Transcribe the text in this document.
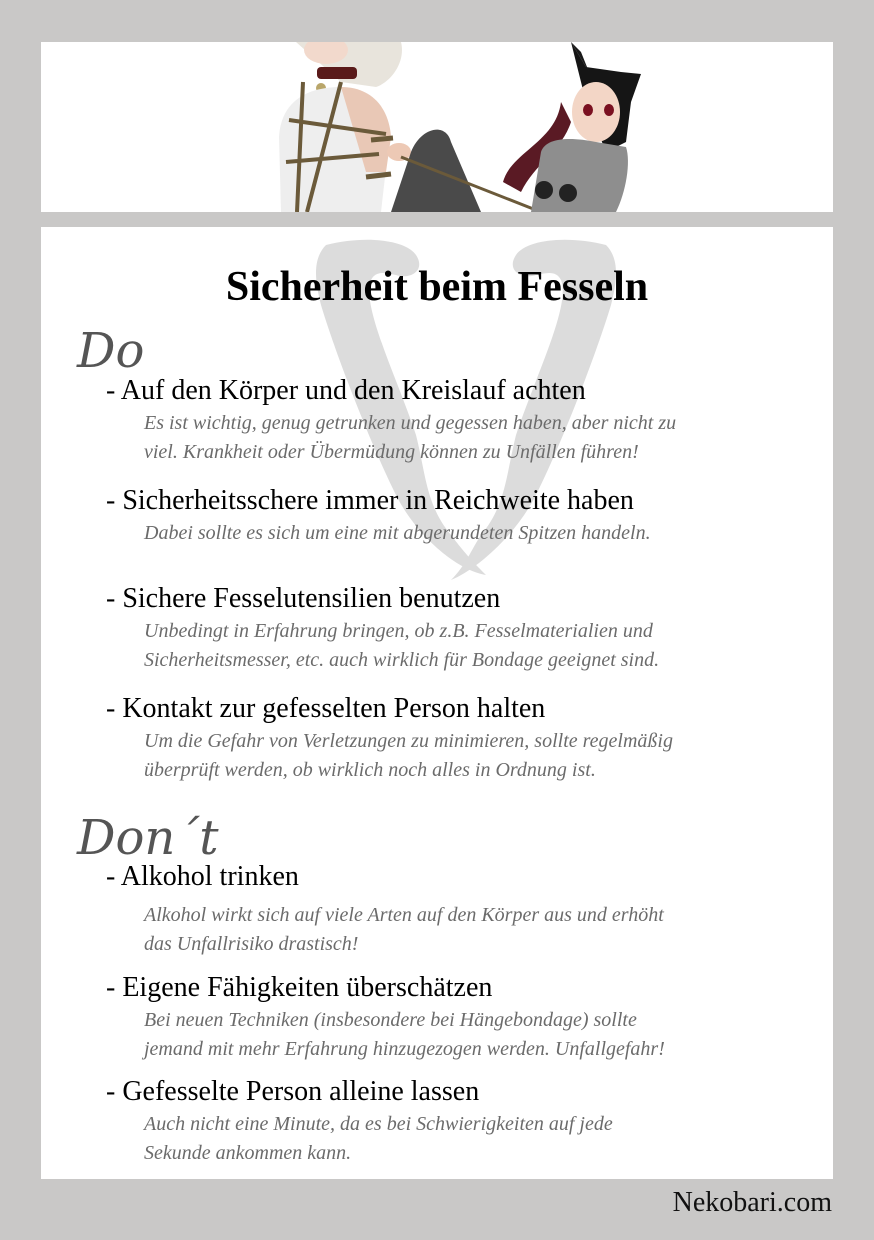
Sicherheit beim Fesseln
Do
- Auf den Körper und den Kreislauf achten
Es ist wichtig, genug getrunken und gegessen haben, aber nicht zu
viel. Krankheit oder Übermüdung können zu Unfällen führen!
- Sicherheitsschere immer in Reichweite haben
Dabei sollte es sich um eine mit abgerundeten Spitzen handeln.
- Sichere Fesselutensilien benutzen
Unbedingt in Erfahrung bringen, ob z.B. Fesselmaterialien und
Sicherheitsmesser, etc. auch wirklich für Bondage geeignet sind.
- Kontakt zur gefesselten Person halten
Um die Gefahr von Verletzungen zu minimieren, sollte regelmäßig
überprüft werden, ob wirklich noch alles in Ordnung ist.
Don´t
- Alkohol trinken
Alkohol wirkt sich auf viele Arten auf den Körper aus und erhöht
das Unfallrisiko drastisch!
- Eigene Fähigkeiten überschätzen
Bei neuen Techniken (insbesondere bei Hängebondage) sollte
jemand mit mehr Erfahrung hinzugezogen werden. Unfallgefahr!
- Gefesselte Person alleine lassen
Auch nicht eine Minute, da es bei Schwierigkeiten auf jede
Sekunde ankommen kann.
Nekobari.com
